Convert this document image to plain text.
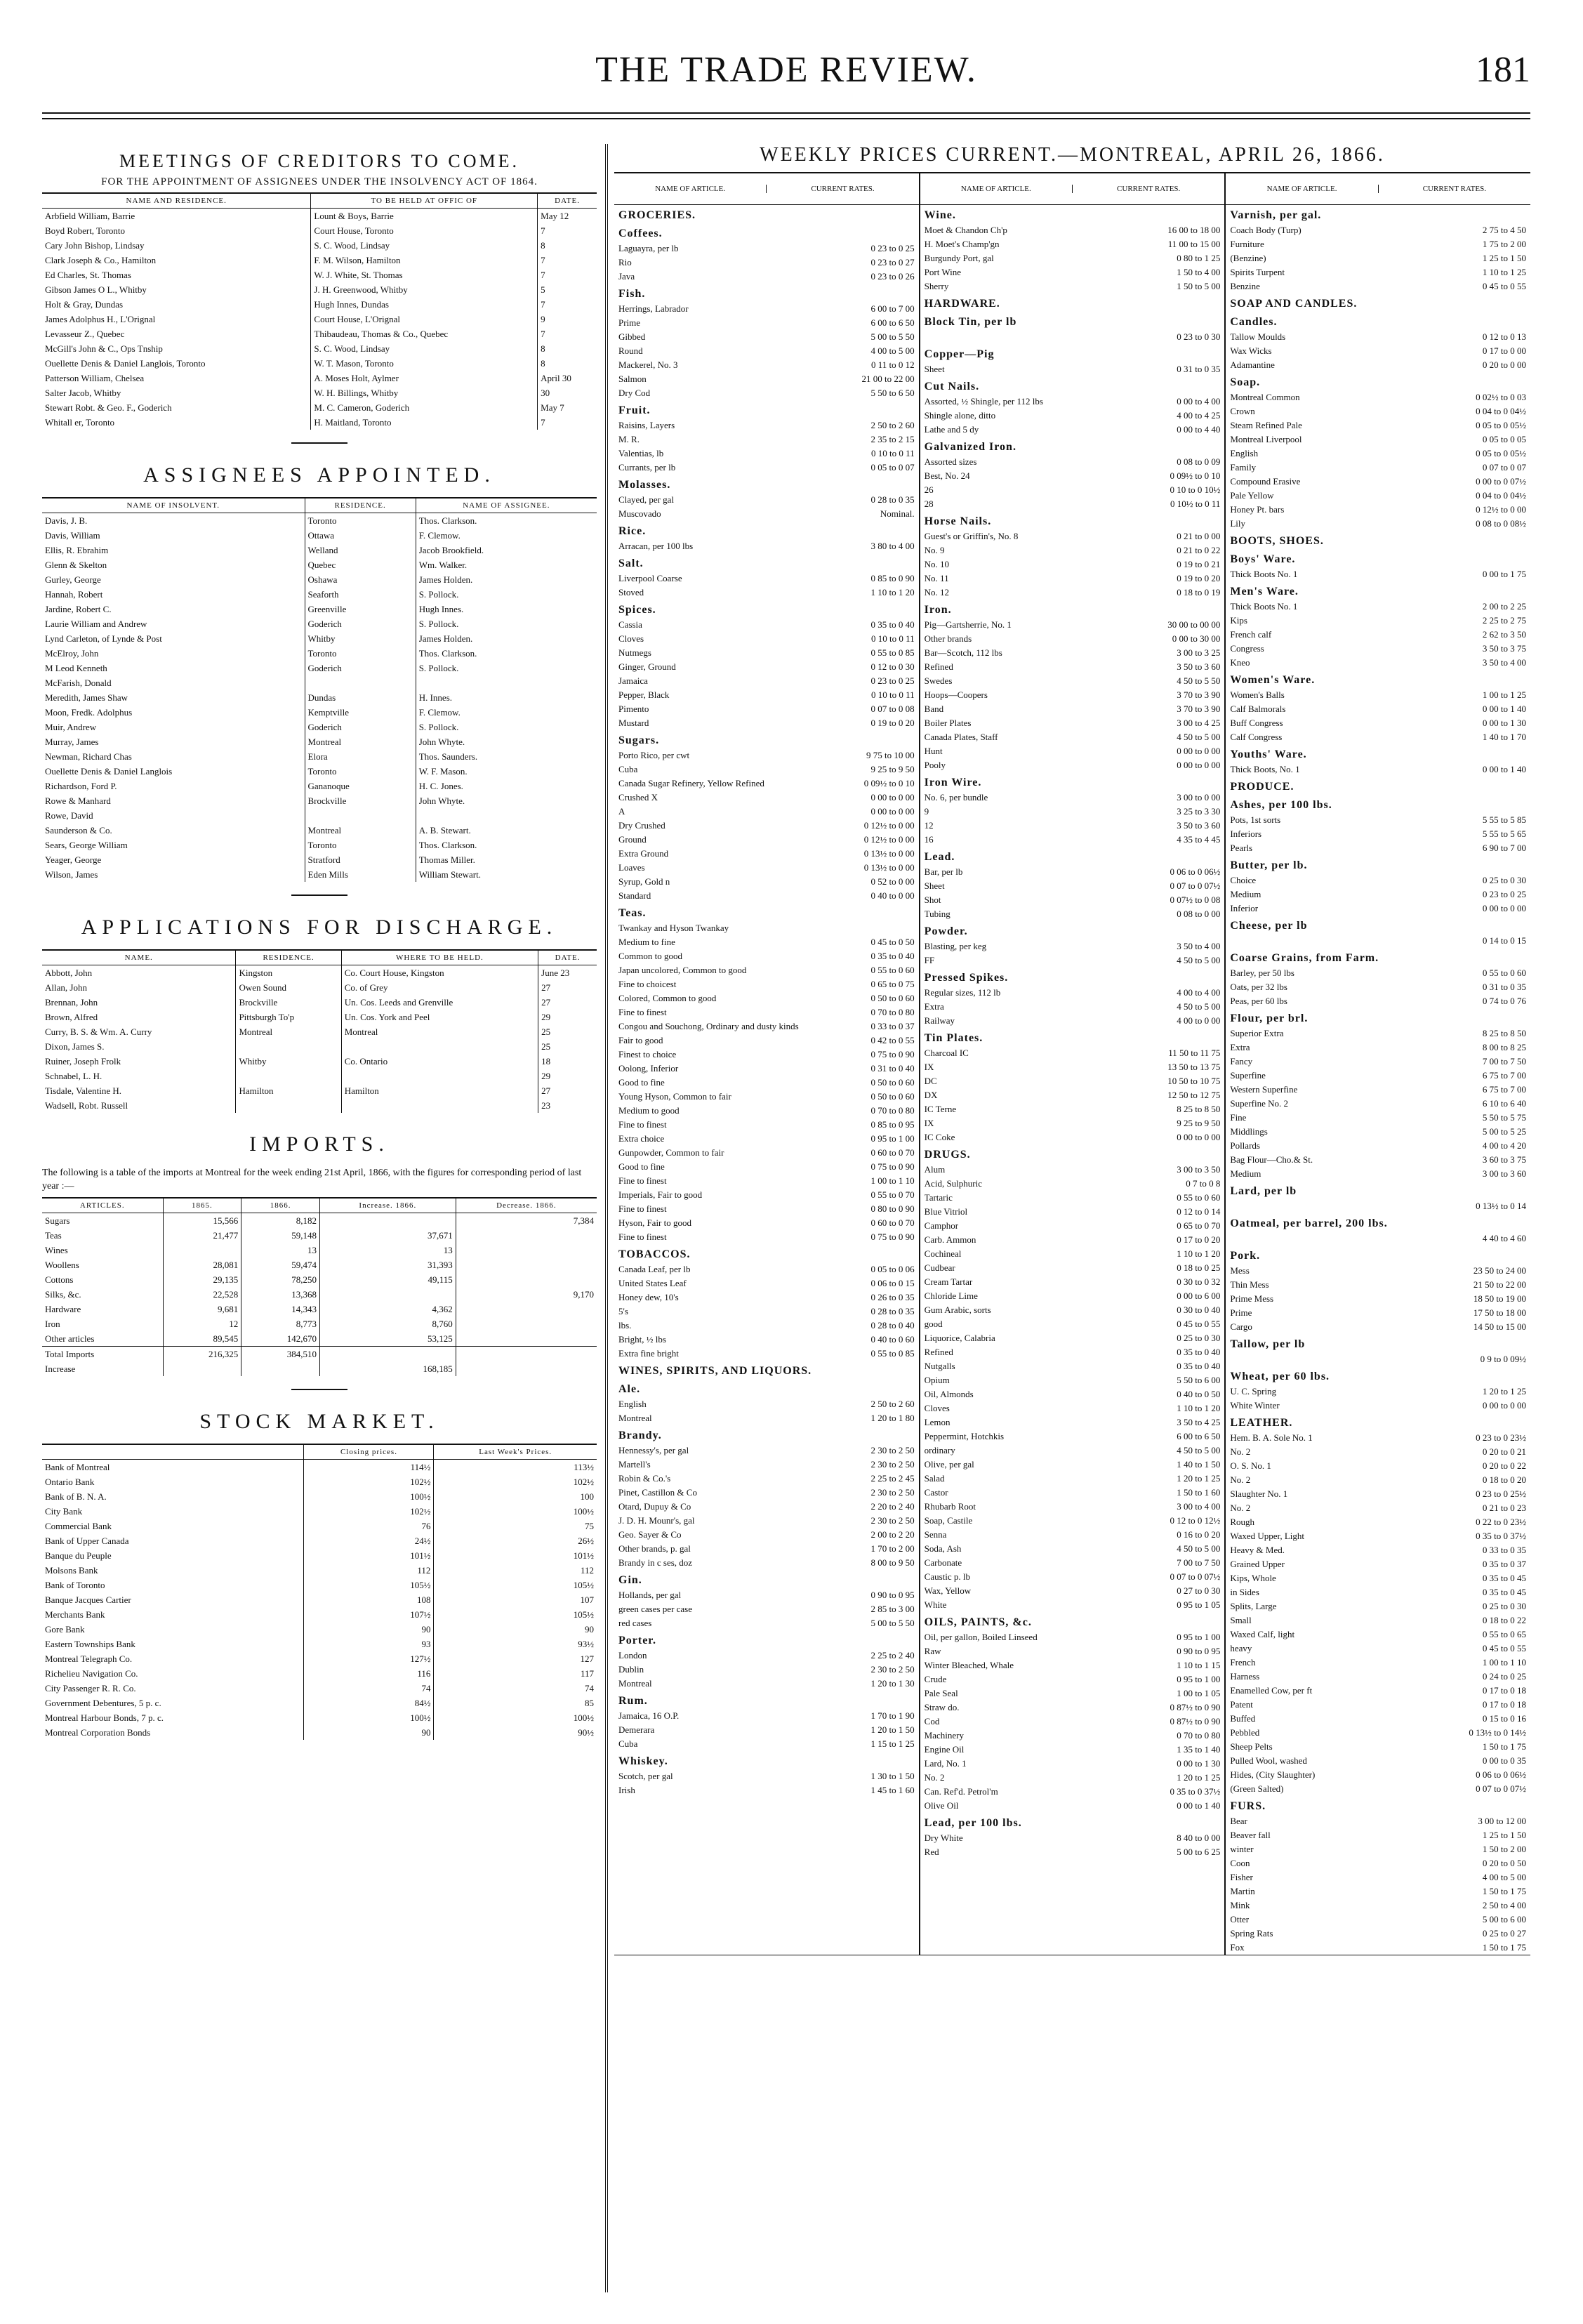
THE TRADE REVIEW.	181
MEETINGS OF CREDITORS TO COME.
FOR THE APPOINTMENT OF ASSIGNEES UNDER THE INSOLVENCY ACT OF 1864.
NAME AND RESIDENCE.	TO BE HELD AT OFFIC OF	DATE.
Arbfield William, Barrie	Lount & Boys, Barrie	May 12
Boyd Robert, Toronto	Court House, Toronto	7
Cary John Bishop, Lindsay	S. C. Wood, Lindsay	8
Clark Joseph & Co., Hamilton	F. M. Wilson, Hamilton	7
Ed Charles, St. Thomas	W. J. White, St. Thomas	7
Gibson James O L., Whitby	J. H. Greenwood, Whitby	5
Holt & Gray, Dundas	Hugh Innes, Dundas	7
James Adolphus H., L'Orignal	Court House, L'Orignal	9
Levasseur Z., Quebec	Thibaudeau, Thomas & Co., Quebec	7
McGill's John & C., Ops Tnship	S. C. Wood, Lindsay	8
Ouellette Denis & Daniel Langlois, Toronto	W. T. Mason, Toronto	8
Patterson William, Chelsea	A. Moses Holt, Aylmer	April 30
Salter Jacob, Whitby	W. H. Billings, Whitby	30
Stewart Robt. & Geo. F., Goderich	M. C. Cameron, Goderich	May 7
Whitall er, Toronto	H. Maitland, Toronto	7
ASSIGNEES APPOINTED.
NAME OF INSOLVENT.	RESIDENCE.	NAME OF ASSIGNEE.
Davis, J. B.	Toronto	Thos. Clarkson.
Davis, William	Ottawa	F. Clemow.
Ellis, R. Ebrahim	Welland	Jacob Brookfield.
Glenn & Skelton	Quebec	Wm. Walker.
Gurley, George	Oshawa	James Holden.
Hannah, Robert	Seaforth	S. Pollock.
Jardine, Robert C.	Greenville	Hugh Innes.
Laurie William and Andrew	Goderich	S. Pollock.
Lynd Carleton, of Lynde & Post	Whitby	James Holden.
McElroy, John	Toronto	Thos. Clarkson.
M Leod Kenneth	Goderich	S. Pollock.
McFarish, Donald		
Meredith, James Shaw	Dundas	H. Innes.
Moon, Fredk. Adolphus	Kemptville	F. Clemow.
Muir, Andrew	Goderich	S. Pollock.
Murray, James	Montreal	John Whyte.
Newman, Richard Chas	Elora	Thos. Saunders.
Ouellette Denis & Daniel Langlois	Toronto	W. F. Mason.
Richardson, Ford P.	Gananoque	H. C. Jones.
Rowe & Manhard	Brockville	John Whyte.
Rowe, David		
Saunderson & Co.	Montreal	A. B. Stewart.
Sears, George William	Toronto	Thos. Clarkson.
Yeager, George	Stratford	Thomas Miller.
Wilson, James	Eden Mills	William Stewart.
APPLICATIONS FOR DISCHARGE.
NAME.	RESIDENCE.	WHERE TO BE HELD.	DATE.
Abbott, John	Kingston	Co. Court House, Kingston	June 23
Allan, John	Owen Sound	Co. of Grey	27
Brennan, John	Brockville	Un. Cos. Leeds and Grenville	27
Brown, Alfred	Pittsburgh To'p	Un. Cos. York and Peel	29
Curry, B. S. & Wm. A. Curry	Montreal	Montreal	25
Dixon, James S.			25
Ruiner, Joseph Frolk	Whitby	Co. Ontario	18
Schnabel, L. H.			29
Tisdale, Valentine H.	Hamilton	Hamilton	27
Wadsell, Robt. Russell			23
IMPORTS.
The following is a table of the imports at Montreal for the week ending 21st April, 1866, with the figures for corresponding period of last year :—
ARTICLES.	1865.	1866.	Increase. 1866.	Decrease. 1866.
Sugars	15,566	8,182		7,384
Teas	21,477	59,148	37,671	
Wines		13	13	
Woollens	28,081	59,474	31,393	
Cottons	29,135	78,250	49,115	
Silks, &c.	22,528	13,368		9,170
Hardware	9,681	14,343	4,362	
Iron	12	8,773	8,760	
Other articles	89,545	142,670	53,125	
Total Imports	216,325	384,510		
Increase			168,185	
STOCK MARKET.
	Closing prices.	Last Week's Prices.
Bank of Montreal	114½	113½
Ontario Bank	102½	102½
Bank of B. N. A.	100½	100
City Bank	102½	100½
Commercial Bank	76	75
Bank of Upper Canada	24½	26½
Banque du Peuple	101½	101½
Molsons Bank	112	112
Bank of Toronto	105½	105½
Banque Jacques Cartier	108	107
Merchants Bank	107½	105½
Gore Bank	90	90
Eastern Townships Bank	93	93½
Montreal Telegraph Co.	127½	127
Richelieu Navigation Co.	116	117
City Passenger R. R. Co.	74	74
Government Debentures, 5 p. c.	84½	85
Montreal Harbour Bonds, 7 p. c.	100½	100½
Montreal Corporation Bonds	90	90½
WEEKLY PRICES CURRENT.—MONTREAL, APRIL 26, 1866.
NAME OF ARTICLE.	CURRENT RATES.
GROCERIES.
Coffees.
Laguayra, per lb	0 23 to 0 25
Rio	0 23 to 0 27
Java	0 23 to 0 26
Fish.
Herrings, Labrador	6 00 to 7 00
Prime	6 00 to 6 50
Gibbed	5 00 to 5 50
Round	4 00 to 5 00
Mackerel, No. 3	0 11 to 0 12
Salmon	21 00 to 22 00
Dry Cod	5 50 to 6 50
Fruit.
Raisins, Layers	2 50 to 2 60
M. R.	2 35 to 2 15
Valentias, lb	0 10 to 0 11
Currants, per lb	0 05 to 0 07
Molasses.
Clayed, per gal	0 28 to 0 35
Muscovado	Nominal.
Rice.
Arracan, per 100 lbs	3 80 to 4 00
Salt.
Liverpool Coarse	0 85 to 0 90
Stoved	1 10 to 1 20
Spices.
Cassia	0 35 to 0 40
Cloves	0 10 to 0 11
Nutmegs	0 55 to 0 85
Ginger, Ground	0 12 to 0 30
Jamaica	0 23 to 0 25
Pepper, Black	0 10 to 0 11
Pimento	0 07 to 0 08
Mustard	0 19 to 0 20
Sugars.
Porto Rico, per cwt	9 75 to 10 00
Cuba	9 25 to 9 50
Canada Sugar Refinery, Yellow Refined	0 09½ to 0 10
Crushed X	0 00 to 0 00
A	0 00 to 0 00
Dry Crushed	0 12½ to 0 00
Ground	0 12½ to 0 00
Extra Ground	0 13½ to 0 00
Loaves	0 13½ to 0 00
Syrup, Gold n	0 52 to 0 00
Standard	0 40 to 0 00
Teas.
Twankay and Hyson Twankay
Medium to fine	0 45 to 0 50
Common to good	0 35 to 0 40
Japan uncolored, Common to good	0 55 to 0 60
Fine to choicest	0 65 to 0 75
Colored, Common to good	0 50 to 0 60
Fine to finest	0 70 to 0 80
Congou and Souchong, Ordinary and dusty kinds	0 33 to 0 37
Fair to good	0 42 to 0 55
Finest to choice	0 75 to 0 90
Oolong, Inferior	0 31 to 0 40
Good to fine	0 50 to 0 60
Young Hyson, Common to fair	0 50 to 0 60
Medium to good	0 70 to 0 80
Fine to finest	0 85 to 0 95
Extra choice	0 95 to 1 00
Gunpowder, Common to fair	0 60 to 0 70
Good to fine	0 75 to 0 90
Fine to finest	1 00 to 1 10
Imperials, Fair to good	0 55 to 0 70
Fine to finest	0 80 to 0 90
Hyson, Fair to good	0 60 to 0 70
Fine to finest	0 75 to 0 90
TOBACCOS.
Canada Leaf, per lb	0 05 to 0 06
United States Leaf	0 06 to 0 15
Honey dew, 10's	0 26 to 0 35
5's	0 28 to 0 35
lbs.	0 28 to 0 40
Bright, ½ lbs	0 40 to 0 60
Extra fine bright	0 55 to 0 85
WINES, SPIRITS, AND LIQUORS.
Ale.
English	2 50 to 2 60
Montreal	1 20 to 1 80
Brandy.
Hennessy's, per gal	2 30 to 2 50
Martell's	2 30 to 2 50
Robin & Co.'s	2 25 to 2 45
Pinet, Castillon & Co	2 30 to 2 50
Otard, Dupuy & Co	2 20 to 2 40
J. D. H. Mounr's, gal	2 30 to 2 50
Geo. Sayer & Co	2 00 to 2 20
Other brands, p. gal	1 70 to 2 00
Brandy in c ses, doz	8 00 to 9 50
Gin.
Hollands, per gal	0 90 to 0 95
green cases per case	2 85 to 3 00
red cases	5 00 to 5 50
Porter.
London	2 25 to 2 40
Dublin	2 30 to 2 50
Montreal	1 20 to 1 30
Rum.
Jamaica, 16 O.P.	1 70 to 1 90
Demerara	1 20 to 1 50
Cuba	1 15 to 1 25
Whiskey.
Scotch, per gal	1 30 to 1 50
Irish	1 45 to 1 60
NAME OF ARTICLE.	CURRENT RATES.
Wine.
Moet & Chandon Ch'p	16 00 to 18 00
H. Moet's Champ'gn	11 00 to 15 00
Burgundy Port, gal	0 80 to 1 25
Port Wine	1 50 to 4 00
Sherry	1 50 to 5 00
HARDWARE.
Block Tin, per lb
0 23 to 0 30
Copper—Pig
Sheet	0 31 to 0 35
Cut Nails.
Assorted, ½ Shingle, per 112 lbs	0 00 to 4 00
Shingle alone, ditto	4 00 to 4 25
Lathe and 5 dy	0 00 to 4 40
Galvanized Iron.
Assorted sizes	0 08 to 0 09
Best, No. 24	0 09½ to 0 10
26	0 10 to 0 10½
28	0 10½ to 0 11
Horse Nails.
Guest's or Griffin's, No. 8	0 21 to 0 00
No. 9	0 21 to 0 22
No. 10	0 19 to 0 21
No. 11	0 19 to 0 20
No. 12	0 18 to 0 19
Iron.
Pig—Gartsherrie, No. 1	30 00 to 00 00
Other brands	0 00 to 30 00
Bar—Scotch, 112 lbs	3 00 to 3 25
Refined	3 50 to 3 60
Swedes	4 50 to 5 50
Hoops—Coopers	3 70 to 3 90
Band	3 70 to 3 90
Boiler Plates	3 00 to 4 25
Canada Plates, Staff	4 50 to 5 00
Hunt	0 00 to 0 00
Pooly	0 00 to 0 00
Iron Wire.
No. 6, per bundle	3 00 to 0 00
9	3 25 to 3 30
12	3 50 to 3 60
16	4 35 to 4 45
Lead.
Bar, per lb	0 06 to 0 06½
Sheet	0 07 to 0 07½
Shot	0 07½ to 0 08
Tubing	0 08 to 0 00
Powder.
Blasting, per keg	3 50 to 4 00
FF	4 50 to 5 00
Pressed Spikes.
Regular sizes, 112 lb	4 00 to 4 00
Extra	4 50 to 5 00
Railway	4 00 to 0 00
Tin Plates.
Charcoal IC	11 50 to 11 75
IX	13 50 to 13 75
DC	10 50 to 10 75
DX	12 50 to 12 75
IC Terne	8 25 to 8 50
IX	9 25 to 9 50
IC Coke	0 00 to 0 00
DRUGS.
Alum	3 00 to 3 50
Acid, Sulphuric	0 7 to 0 8
Tartaric	0 55 to 0 60
Blue Vitriol	0 12 to 0 14
Camphor	0 65 to 0 70
Carb. Ammon	0 17 to 0 20
Cochineal	1 10 to 1 20
Cudbear	0 18 to 0 25
Cream Tartar	0 30 to 0 32
Chloride Lime	0 00 to 6 00
Gum Arabic, sorts	0 30 to 0 40
good	0 45 to 0 55
Liquorice, Calabria	0 25 to 0 30
Refined	0 35 to 0 40
Nutgalls	0 35 to 0 40
Opium	5 50 to 6 00
Oil, Almonds	0 40 to 0 50
Cloves	1 10 to 1 20
Lemon	3 50 to 4 25
Peppermint, Hotchkis	6 00 to 6 50
ordinary	4 50 to 5 00
Olive, per gal	1 40 to 1 50
Salad	1 20 to 1 25
Castor	1 50 to 1 60
Rhubarb Root	3 00 to 4 00
Soap, Castile	0 12 to 0 12½
Senna	0 16 to 0 20
Soda, Ash	4 50 to 5 00
Carbonate	7 00 to 7 50
Caustic p. lb	0 07 to 0 07½
Wax, Yellow	0 27 to 0 30
White	0 95 to 1 05
OILS, PAINTS, &c.
Oil, per gallon, Boiled Linseed	0 95 to 1 00
Raw	0 90 to 0 95
Winter Bleached, Whale	1 10 to 1 15
Crude	0 95 to 1 00
Pale Seal	1 00 to 1 05
Straw do.	0 87½ to 0 90
Cod	0 87½ to 0 90
Machinery	0 70 to 0 80
Engine Oil	1 35 to 1 40
Lard, No. 1	0 00 to 1 30
No. 2	1 20 to 1 25
Can. Ref'd. Petrol'm	0 35 to 0 37½
Olive Oil	0 00 to 1 40
Lead, per 100 lbs.
Dry White	8 40 to 0 00
Red	5 00 to 6 25
NAME OF ARTICLE.	CURRENT RATES.
Varnish, per gal.
Coach Body (Turp)	2 75 to 4 50
Furniture	1 75 to 2 00
(Benzine)	1 25 to 1 50
Spirits Turpent	1 10 to 1 25
Benzine	0 45 to 0 55
SOAP AND CANDLES.
Candles.
Tallow Moulds	0 12 to 0 13
Wax Wicks	0 17 to 0 00
Adamantine	0 20 to 0 00
Soap.
Montreal Common	0 02½ to 0 03
Crown	0 04 to 0 04½
Steam Refined Pale	0 05 to 0 05½
Montreal Liverpool	0 05 to 0 05
English	0 05 to 0 05½
Family	0 07 to 0 07
Compound Erasive	0 00 to 0 07½
Pale Yellow	0 04 to 0 04½
Honey Pt. bars	0 12½ to 0 00
Lily	0 08 to 0 08½
BOOTS, SHOES.
Boys' Ware.
Thick Boots No. 1	0 00 to 1 75
Men's Ware.
Thick Boots No. 1	2 00 to 2 25
Kips	2 25 to 2 75
French calf	2 62 to 3 50
Congress	3 50 to 3 75
Kneo	3 50 to 4 00
Women's Ware.
Women's Balls	1 00 to 1 25
Calf Balmorals	0 00 to 1 40
Buff Congress	0 00 to 1 30
Calf Congress	1 40 to 1 70
Youths' Ware.
Thick Boots, No. 1	0 00 to 1 40
PRODUCE.
Ashes, per 100 lbs.
Pots, 1st sorts	5 55 to 5 85
Inferiors	5 55 to 5 65
Pearls	6 90 to 7 00
Butter, per lb.
Choice	0 25 to 0 30
Medium	0 23 to 0 25
Inferior	0 00 to 0 00
Cheese, per lb
0 14 to 0 15
Coarse Grains, from Farm.
Barley, per 50 lbs	0 55 to 0 60
Oats, per 32 lbs	0 31 to 0 35
Peas, per 60 lbs	0 74 to 0 76
Flour, per brl.
Superior Extra	8 25 to 8 50
Extra	8 00 to 8 25
Fancy	7 00 to 7 50
Superfine	6 75 to 7 00
Western Superfine	6 75 to 7 00
Superfine No. 2	6 10 to 6 40
Fine	5 50 to 5 75
Middlings	5 00 to 5 25
Pollards	4 00 to 4 20
Bag Flour—Cho.& St.	3 60 to 3 75
Medium	3 00 to 3 60
Lard, per lb
0 13½ to 0 14
Oatmeal, per barrel, 200 lbs.
4 40 to 4 60
Pork.
Mess	23 50 to 24 00
Thin Mess	21 50 to 22 00
Prime Mess	18 50 to 19 00
Prime	17 50 to 18 00
Cargo	14 50 to 15 00
Tallow, per lb
0 9 to 0 09½
Wheat, per 60 lbs.
U. C. Spring	1 20 to 1 25
White Winter	0 00 to 0 00
LEATHER.
Hem. B. A. Sole No. 1	0 23 to 0 23½
No. 2	0 20 to 0 21
O. S. No. 1	0 20 to 0 22
No. 2	0 18 to 0 20
Slaughter No. 1	0 23 to 0 25½
No. 2	0 21 to 0 23
Rough	0 22 to 0 23½
Waxed Upper, Light	0 35 to 0 37½
Heavy & Med.	0 33 to 0 35
Grained Upper	0 35 to 0 37
Kips, Whole	0 35 to 0 45
in Sides	0 35 to 0 45
Splits, Large	0 25 to 0 30
Small	0 18 to 0 22
Waxed Calf, light	0 55 to 0 65
heavy	0 45 to 0 55
French	1 00 to 1 10
Harness	0 24 to 0 25
Enamelled Cow, per ft	0 17 to 0 18
Patent	0 17 to 0 18
Buffed	0 15 to 0 16
Pebbled	0 13½ to 0 14½
Sheep Pelts	1 50 to 1 75
Pulled Wool, washed	0 00 to 0 35
Hides, (City Slaughter)	0 06 to 0 06½
(Green Salted)	0 07 to 0 07½
FURS.
Bear	3 00 to 12 00
Beaver fall	1 25 to 1 50
winter	1 50 to 2 00
Coon	0 20 to 0 50
Fisher	4 00 to 5 00
Martin	1 50 to 1 75
Mink	2 50 to 4 00
Otter	5 00 to 6 00
Spring Rats	0 25 to 0 27
Fox	1 50 to 1 75
